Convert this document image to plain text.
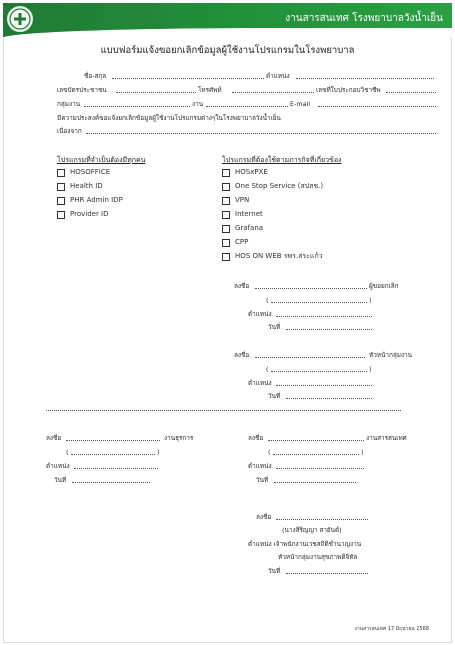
งานสารสนเทศ โรงพยาบาลวังน้ำเย็น
แบบฟอร์มแจ้งขอยกเลิกข้อมูลผู้ใช้งานโปรแกรมในโรงพยาบาล
ชื่อ-สกุล	ตำแหน่ง
เลขบัตรประชาชน	โทรศัพท์	เลขที่ใบประกอบวิชาชีพ
กลุ่มงาน	งาน	E-mail
มีความประสงค์ขอแจ้งยกเลิกข้อมูลผู้ใช้งานโปรแกรมต่างๆในโรงพยาบาลวังน้ำเย็น
เนื่องจาก
โปรแกรมที่จำเป็นต้องมีทุกคน	โปรแกรมที่ต้องใช้ตามภารกิจที่เกี่ยวข้อง
HOSOFFICE
Health ID
PHR Admin IDP
Provider ID
HOSxPXE
One Stop Service (สปสช.)
VPN
Internet
Grafana
CPP
HOS ON WEB รพร.สระแก้ว
ลงชื่อ	ผู้ขอยกเลิก
(	)
ตำแหน่ง
วันที่
ลงชื่อ	หัวหน้ากลุ่มงาน
(	)
ตำแหน่ง
วันที่
ลงชื่อ	งานธุรการ
(	)
ตำแหน่ง
วันที่
ลงชื่อ	งานสารสนเทศ
(	)
ตำแหน่ง
วันที่
ลงชื่อ
(นางสิริญญา สายันต์)
ตำแหน่ง เจ้าพนักงานเวชสถิติชำนาญงาน
หัวหน้ากลุ่มงานสุขภาพดิจิทัล
วันที่
งานสารสนเทศ 17 มิถุนายน 2568
